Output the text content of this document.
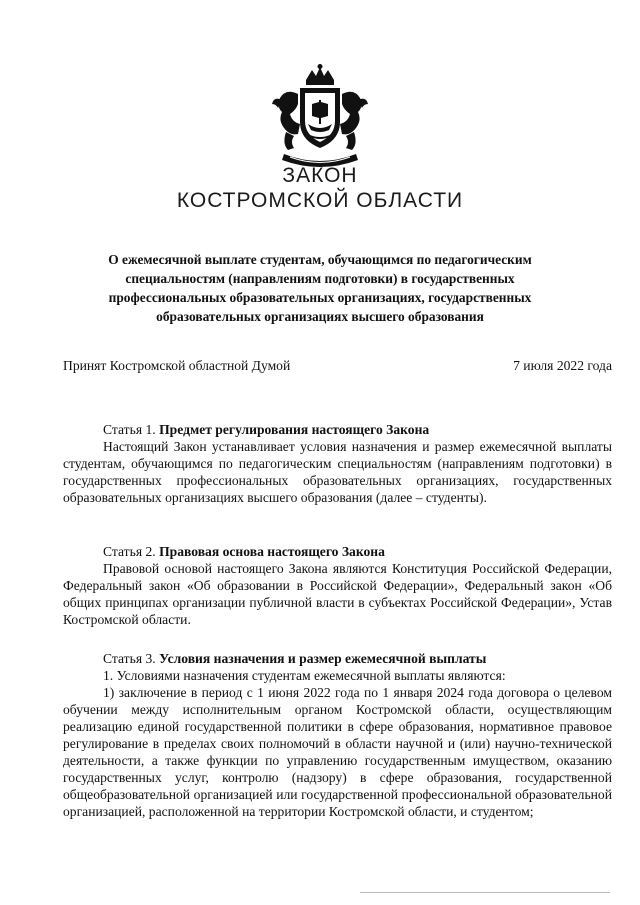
ЗАКОН
КОСТРОМСКОЙ ОБЛАСТИ
О ежемесячной выплате студентам, обучающимся по педагогическим специальностям (направлениям подготовки) в государственных профессиональных образовательных организациях, государственных образовательных организациях высшего образования
Принят Костромской областной Думой	7 июля 2022 года

Статья 1. Предмет регулирования настоящего Закона

Настоящий Закон устанавливает условия назначения и размер ежемесячной выплаты студентам, обучающимся по педагогическим специальностям (направлениям подготовки) в государственных профессиональных образовательных организациях, государственных образовательных организациях высшего образования (далее – студенты).

Статья 2. Правовая основа настоящего Закона

Правовой основой настоящего Закона являются Конституция Российской Федерации, Федеральный закон «Об образовании в Российской Федерации», Федеральный закон «Об общих принципах организации публичной власти в субъектах Российской Федерации», Устав Костромской области.

Статья 3. Условия назначения и размер ежемесячной выплаты

1. Условиями назначения студентам ежемесячной выплаты являются:

1) заключение в период с 1 июня 2022 года по 1 января 2024 года договора о целевом обучении между исполнительным органом Костромской области, осуществляющим реализацию единой государственной политики в сфере образования, нормативное правовое регулирование в пределах своих полномочий в области научной и (или) научно-технической деятельности, а также функции по управлению государственным имуществом, оказанию государственных услуг, контролю (надзору) в сфере образования, государственной общеобразовательной организацией или государственной профессиональной образовательной организацией, расположенной на территории Костромской области, и студентом;
